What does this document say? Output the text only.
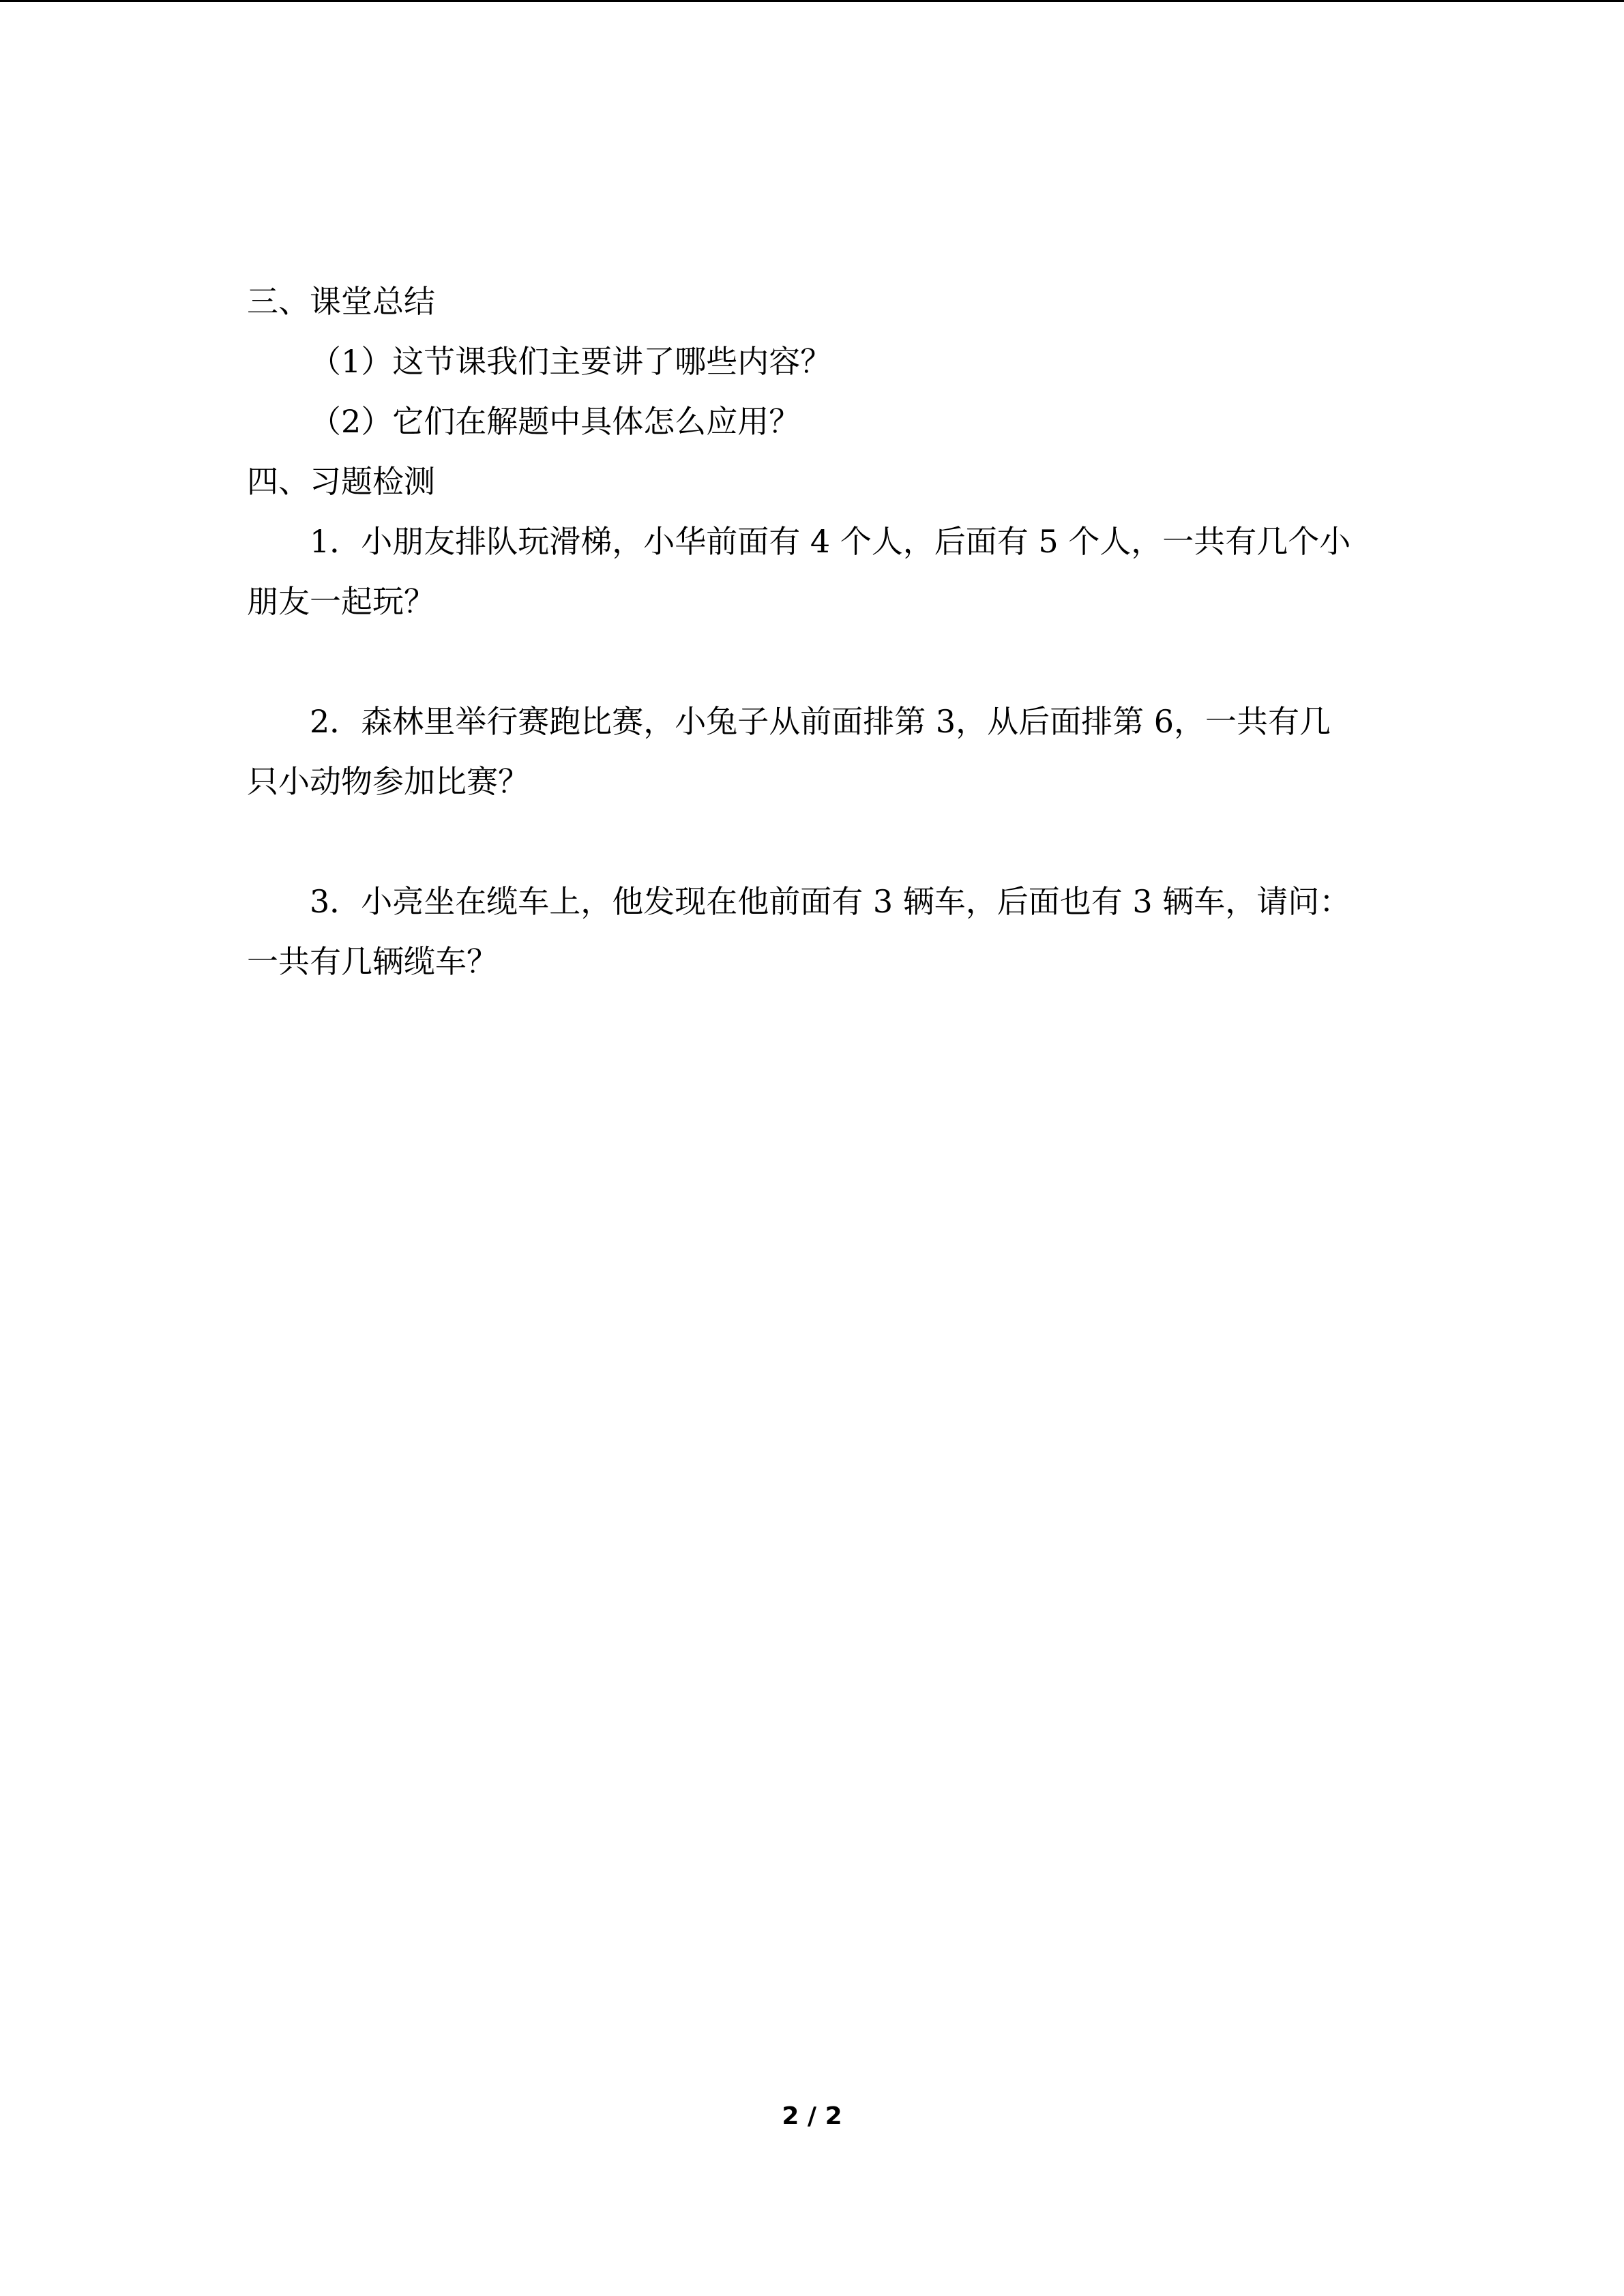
三、课堂总结
（1）这节课我们主要讲了哪些内容？
（2）它们在解题中具体怎么应用？
四、习题检测
1．小朋友排队玩滑梯，小华前面有 4 个人，后面有 5 个人，一共有几个小
朋友一起玩？
2．森林里举行赛跑比赛，小兔子从前面排第 3，从后面排第 6，一共有几
只小动物参加比赛？
3．小亮坐在缆车上，他发现在他前面有 3 辆车，后面也有 3 辆车，请问：
一共有几辆缆车？
2 / 2
